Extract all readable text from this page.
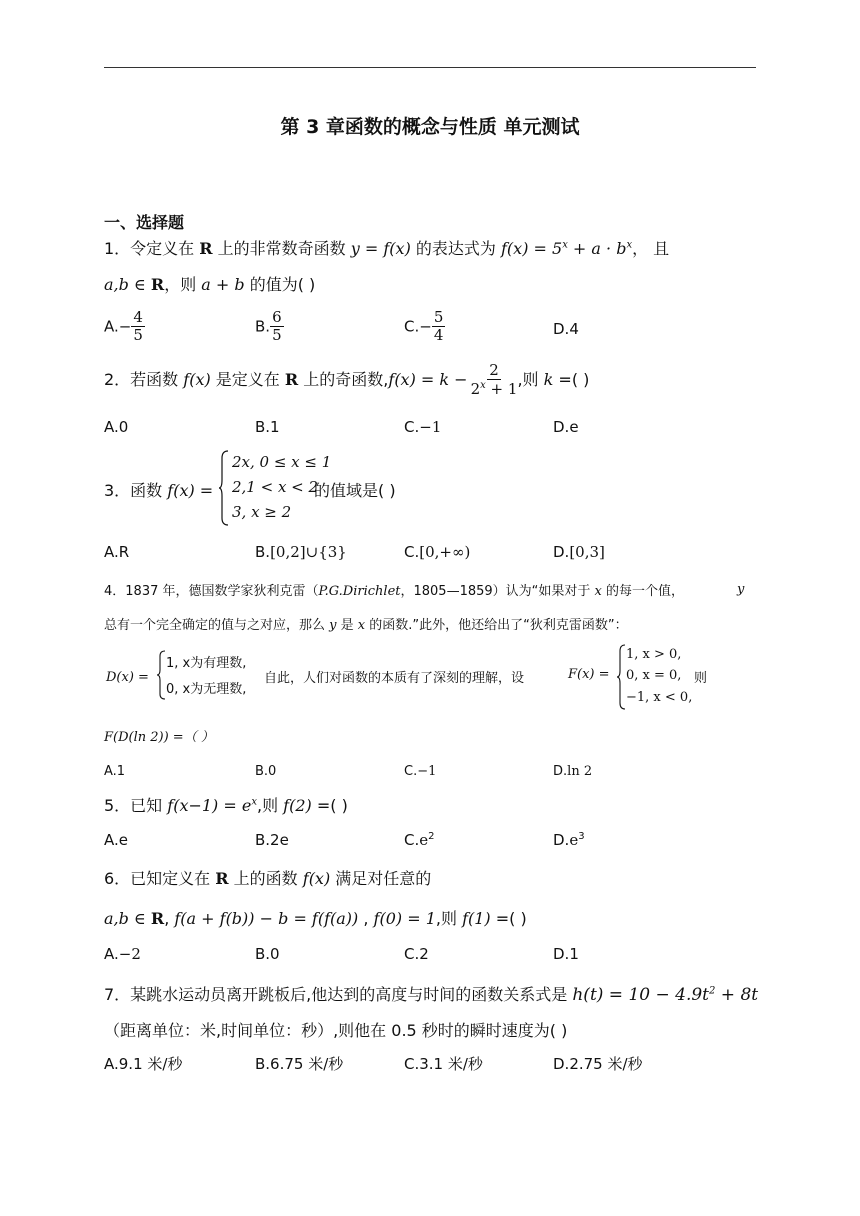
第 3 章函数的概念与性质 单元测试
一、选择题
1．令定义在 R 上的非常数奇函数 y = f(x) 的表达式为 $f(x) = 5^x + a \cdot b^x$， 且
a,b ∈ R，则 a + b 的值为( )
$A.- \frac{4}{5}$	B. $\frac{6}{5}$	$C.- \frac{5}{4}$	D.4
2．若函数 f(x) 是定义在 R 上的奇函数$,f(x) = k - \frac{2}{2^x + 1}$ ,则 k =( )
A.0	B.1	C.−1	D.e
3．函数 f(x) =
2x, 0 ≤ x ≤ 1
2,1 < x < 2
3, x ≥ 2
的值域是( )
A.R	B.[0,2]∪{3}	C.[0,+∞)	D.[0,3]
4．1837 年，德国数学家狄利克雷（P.G.Dirichlet，1805—1859）认为“如果对于 x 的每一个值，	y
总有一个完全确定的值与之对应，那么 y 是 x 的函数.”此外，他还给出了“狄利克雷函数”：
D(x) =
1, x为有理数,
0, x为无理数,
自此，人们对函数的本质有了深刻的理解，设	F(x) =
1, x > 0,
0, x = 0,
−1, x < 0,
则
F(D(ln 2)) =（ ）
A.1	B.0	C.−1	D.ln 2
5．已知 $f(x-1) = e^x$,则 f(2) =( )
A.e	B.2e	$C.e^2$	$D.e^3$
6．已知定义在 R 上的函数 f(x) 满足对任意的
a,b ∈ R, f(a + f(b)) − b = f(f(a)) , f(0) = 1,则 f(1) =( )
A.−2	B.0	C.2	D.1
7．某跳水运动员离开跳板后,他达到的高度与时间的函数关系式是 $h(t) = 10 - 4.9t^2 + 8t$
（距离单位：米,时间单位：秒）,则他在 0.5 秒时的瞬时速度为( )
A.9.1 米/秒	B.6.75 米/秒	C.3.1 米/秒	D.2.75 米/秒
